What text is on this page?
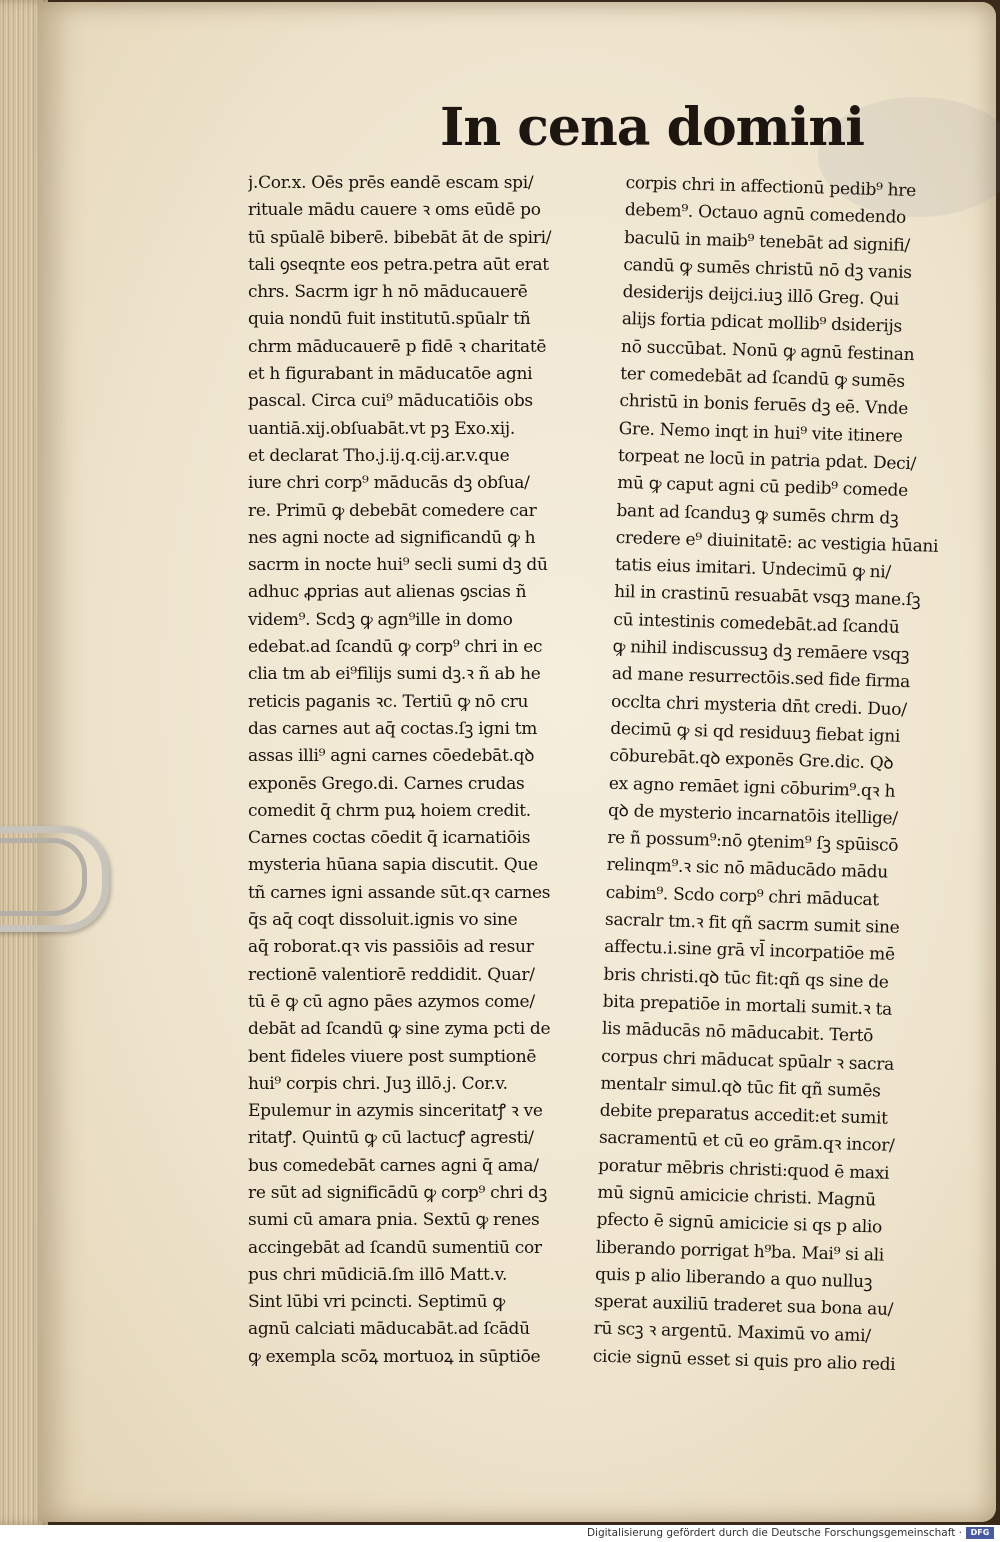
In cena domini
j.Cor.x. Oēs prēs eandē escam spi/
rituale mādu cauere ꝛ oms eūdē po
tū spūalē biberē. bibebāt āt de spiri/
tali ꝯseqnte eos petra.petra aūt erat
chrs. Sacrm igr h nō māducauerē
quia nondū fuit institutū.spūalr tñ
chrm māducauerē p fidē ꝛ charitatē
et h figurabant in māducatōe agni
pascal. Circa cui⁹ māducatiōis obs
uantiā.xij.obſuabāt.vt pꝫ Exo.xij.
et declarat Tho.j.ij.q.cij.ar.v.que
iure chri corp⁹ māducās dꝫ obſua/
re. Primū ꝙ debebāt comedere car
nes agni nocte ad significandū ꝙ h
sacrm in nocte hui⁹ secli sumi dꝫ dū
adhuc ꝓprias aut alienas ꝯscias ñ
videm⁹. Scdꝫ ꝙ agn⁹ille in domo
edebat.ad ſcandū ꝙ corp⁹ chri in ec
clia tm ab ei⁹filijs sumi dꝫ.ꝛ ñ ab he
reticis paganis ꝛc. Tertiū ꝙ nō cru
das carnes aut aq̄ coctas.ſꝫ igni tm
assas illi⁹ agni carnes cōedebāt.qꝺ
exponēs Grego.di. Carnes crudas
comedit q̄ chrm puꝝ hoiem credit.
Carnes coctas cōedit q̄ icarnatiōis
mysteria hūana sapia discutit. Que
tñ carnes igni assande sūt.qꝛ carnes
q̄s aq̄ coqt dissoluit.ignis vo sine
aq̄ roborat.qꝛ vis passiōis ad resur
rectionē valentiorē reddidit. Quar/
tū ē ꝙ cū agno pāes azymos come/
debāt ad ſcandū ꝙ sine zyma pcti de
bent fideles viuere post sumptionē
hui⁹ corpis chri. Juꝫ illō.j. Cor.v.
Epulemur in azymis sinceritatꝭ ꝛ ve
ritatꝭ. Quintū ꝙ cū lactucꝭ agresti/
bus comedebāt carnes agni q̄ ama/
re sūt ad significādū ꝙ corp⁹ chri dꝫ
sumi cū amara pnia. Sextū ꝙ renes
accingebāt ad ſcandū sumentiū cor
pus chri mūdiciā.ſm illō Matt.v.
Sint lūbi vri pcincti. Septimū ꝙ
agnū calciati māducabāt.ad ſcādū
ꝙ exempla scōꝝ mortuoꝝ in sūptiōe
corpis chri in affectionū pedib⁹ hre
debem⁹. Octauo agnū comedendo
baculū in maib⁹ tenebāt ad signifi/
candū ꝙ sumēs christū nō dꝫ vanis
desiderijs deijci.iuꝫ illō Greg. Qui
alijs fortia pdicat mollib⁹ dsiderijs
nō succūbat. Nonū ꝙ agnū festinan
ter comedebāt ad ſcandū ꝙ sumēs
christū in bonis feruēs dꝫ eē. Vnde
Gre. Nemo inqt in hui⁹ vite itinere
torpeat ne locū in patria pdat. Deci/
mū ꝙ caput agni cū pedib⁹ comede
bant ad ſcanduꝫ ꝙ sumēs chrm dꝫ
credere e⁹ diuinitatē: ac vestigia hūani
tatis eius imitari. Undecimū ꝙ ni/
hil in crastinū resuabāt vsqꝫ mane.ſꝫ
cū intestinis comedebāt.ad ſcandū
ꝙ nihil indiscussuꝫ dꝫ remāere vsqꝫ
ad mane resurrectōis.sed fide firma
occlta chri mysteria dn̄t credi. Duo/
decimū ꝙ si qd residuuꝫ fiebat igni
cōburebāt.qꝺ exponēs Gre.dic. Qꝺ
ex agno remāet igni cōburim⁹.qꝛ h
qꝺ de mysterio incarnatōis itellige/
re ñ possum⁹:nō ꝯtenim⁹ ſꝫ spūiscō
relinqm⁹.ꝛ sic nō māducādo mādu
cabim⁹. Scdo corp⁹ chri māducat
sacralr tm.ꝛ fit qñ sacrm sumit sine
affectu.i.sine grā vl̄ incorpatiōe mē
bris christi.qꝺ tūc fit:qñ qs sine de
bita prepatiōe in mortali sumit.ꝛ ta
lis māducās nō māducabit. Tertō
corpus chri māducat spūalr ꝛ sacra
mentalr simul.qꝺ tūc fit qñ sumēs
debite preparatus accedit:et sumit
sacramentū et cū eo grām.qꝛ incor/
poratur mēbris christi:quod ē maxi
mū signū amicicie christi. Magnū
pfecto ē signū amicicie si qs p alio
liberando porrigat h⁹ba. Mai⁹ si ali
quis p alio liberando a quo nulluꝫ
sperat auxiliū traderet sua bona au/
rū scꝫ ꝛ argentū. Maximū vo ami/
cicie signū esset si quis pro alio redi
Digitalisierung gefördert durch die Deutsche Forschungsgemeinschaft ·	DFG
